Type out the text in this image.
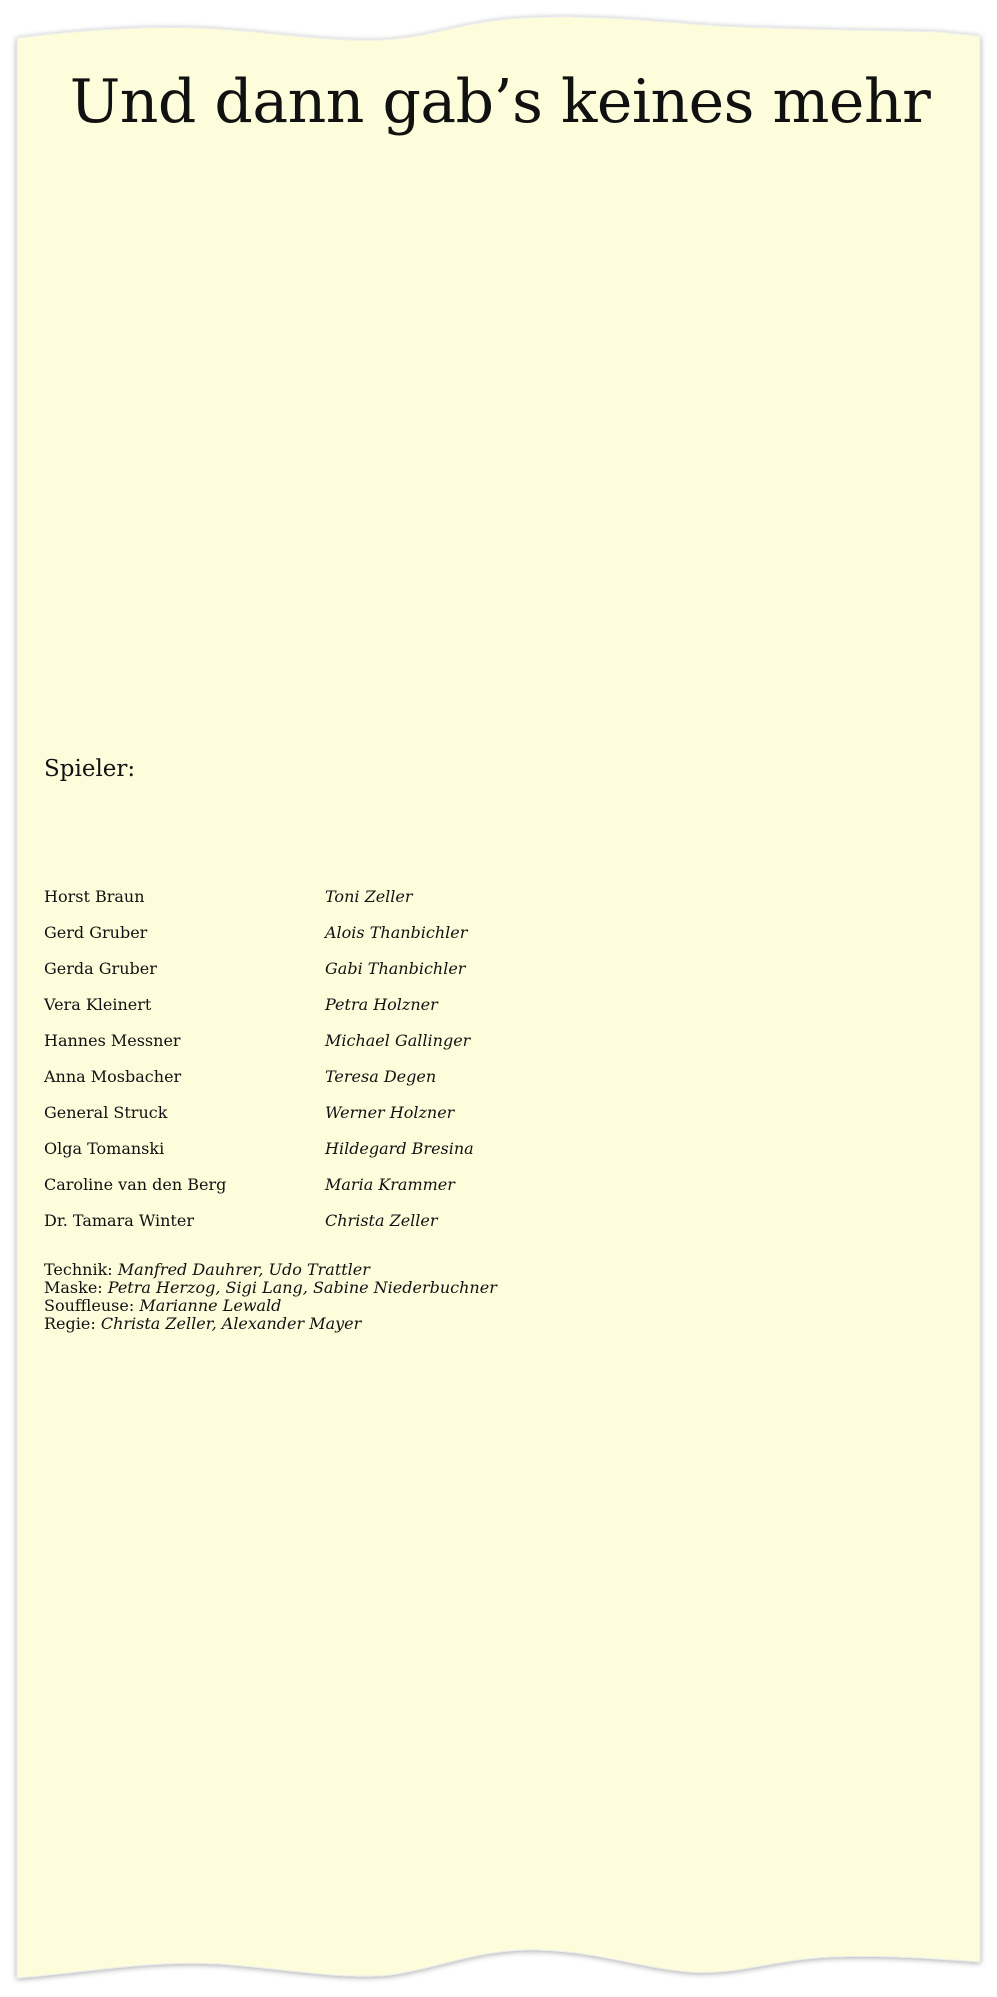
Und dann gab’s keines mehr
Spieler:
Horst Braun	Toni Zeller
Gerd Gruber	Alois Thanbichler
Gerda Gruber	Gabi Thanbichler
Vera Kleinert	Petra Holzner
Hannes Messner	Michael Gallinger
Anna Mosbacher	Teresa Degen
General Struck	Werner Holzner
Olga Tomanski	Hildegard Bresina
Caroline van den Berg	Maria Krammer
Dr. Tamara Winter	Christa Zeller
Technik: Manfred Dauhrer, Udo Trattler
Maske: Petra Herzog, Sigi Lang, Sabine Niederbuchner
Souffleuse: Marianne Lewald
Regie: Christa Zeller, Alexander Mayer
